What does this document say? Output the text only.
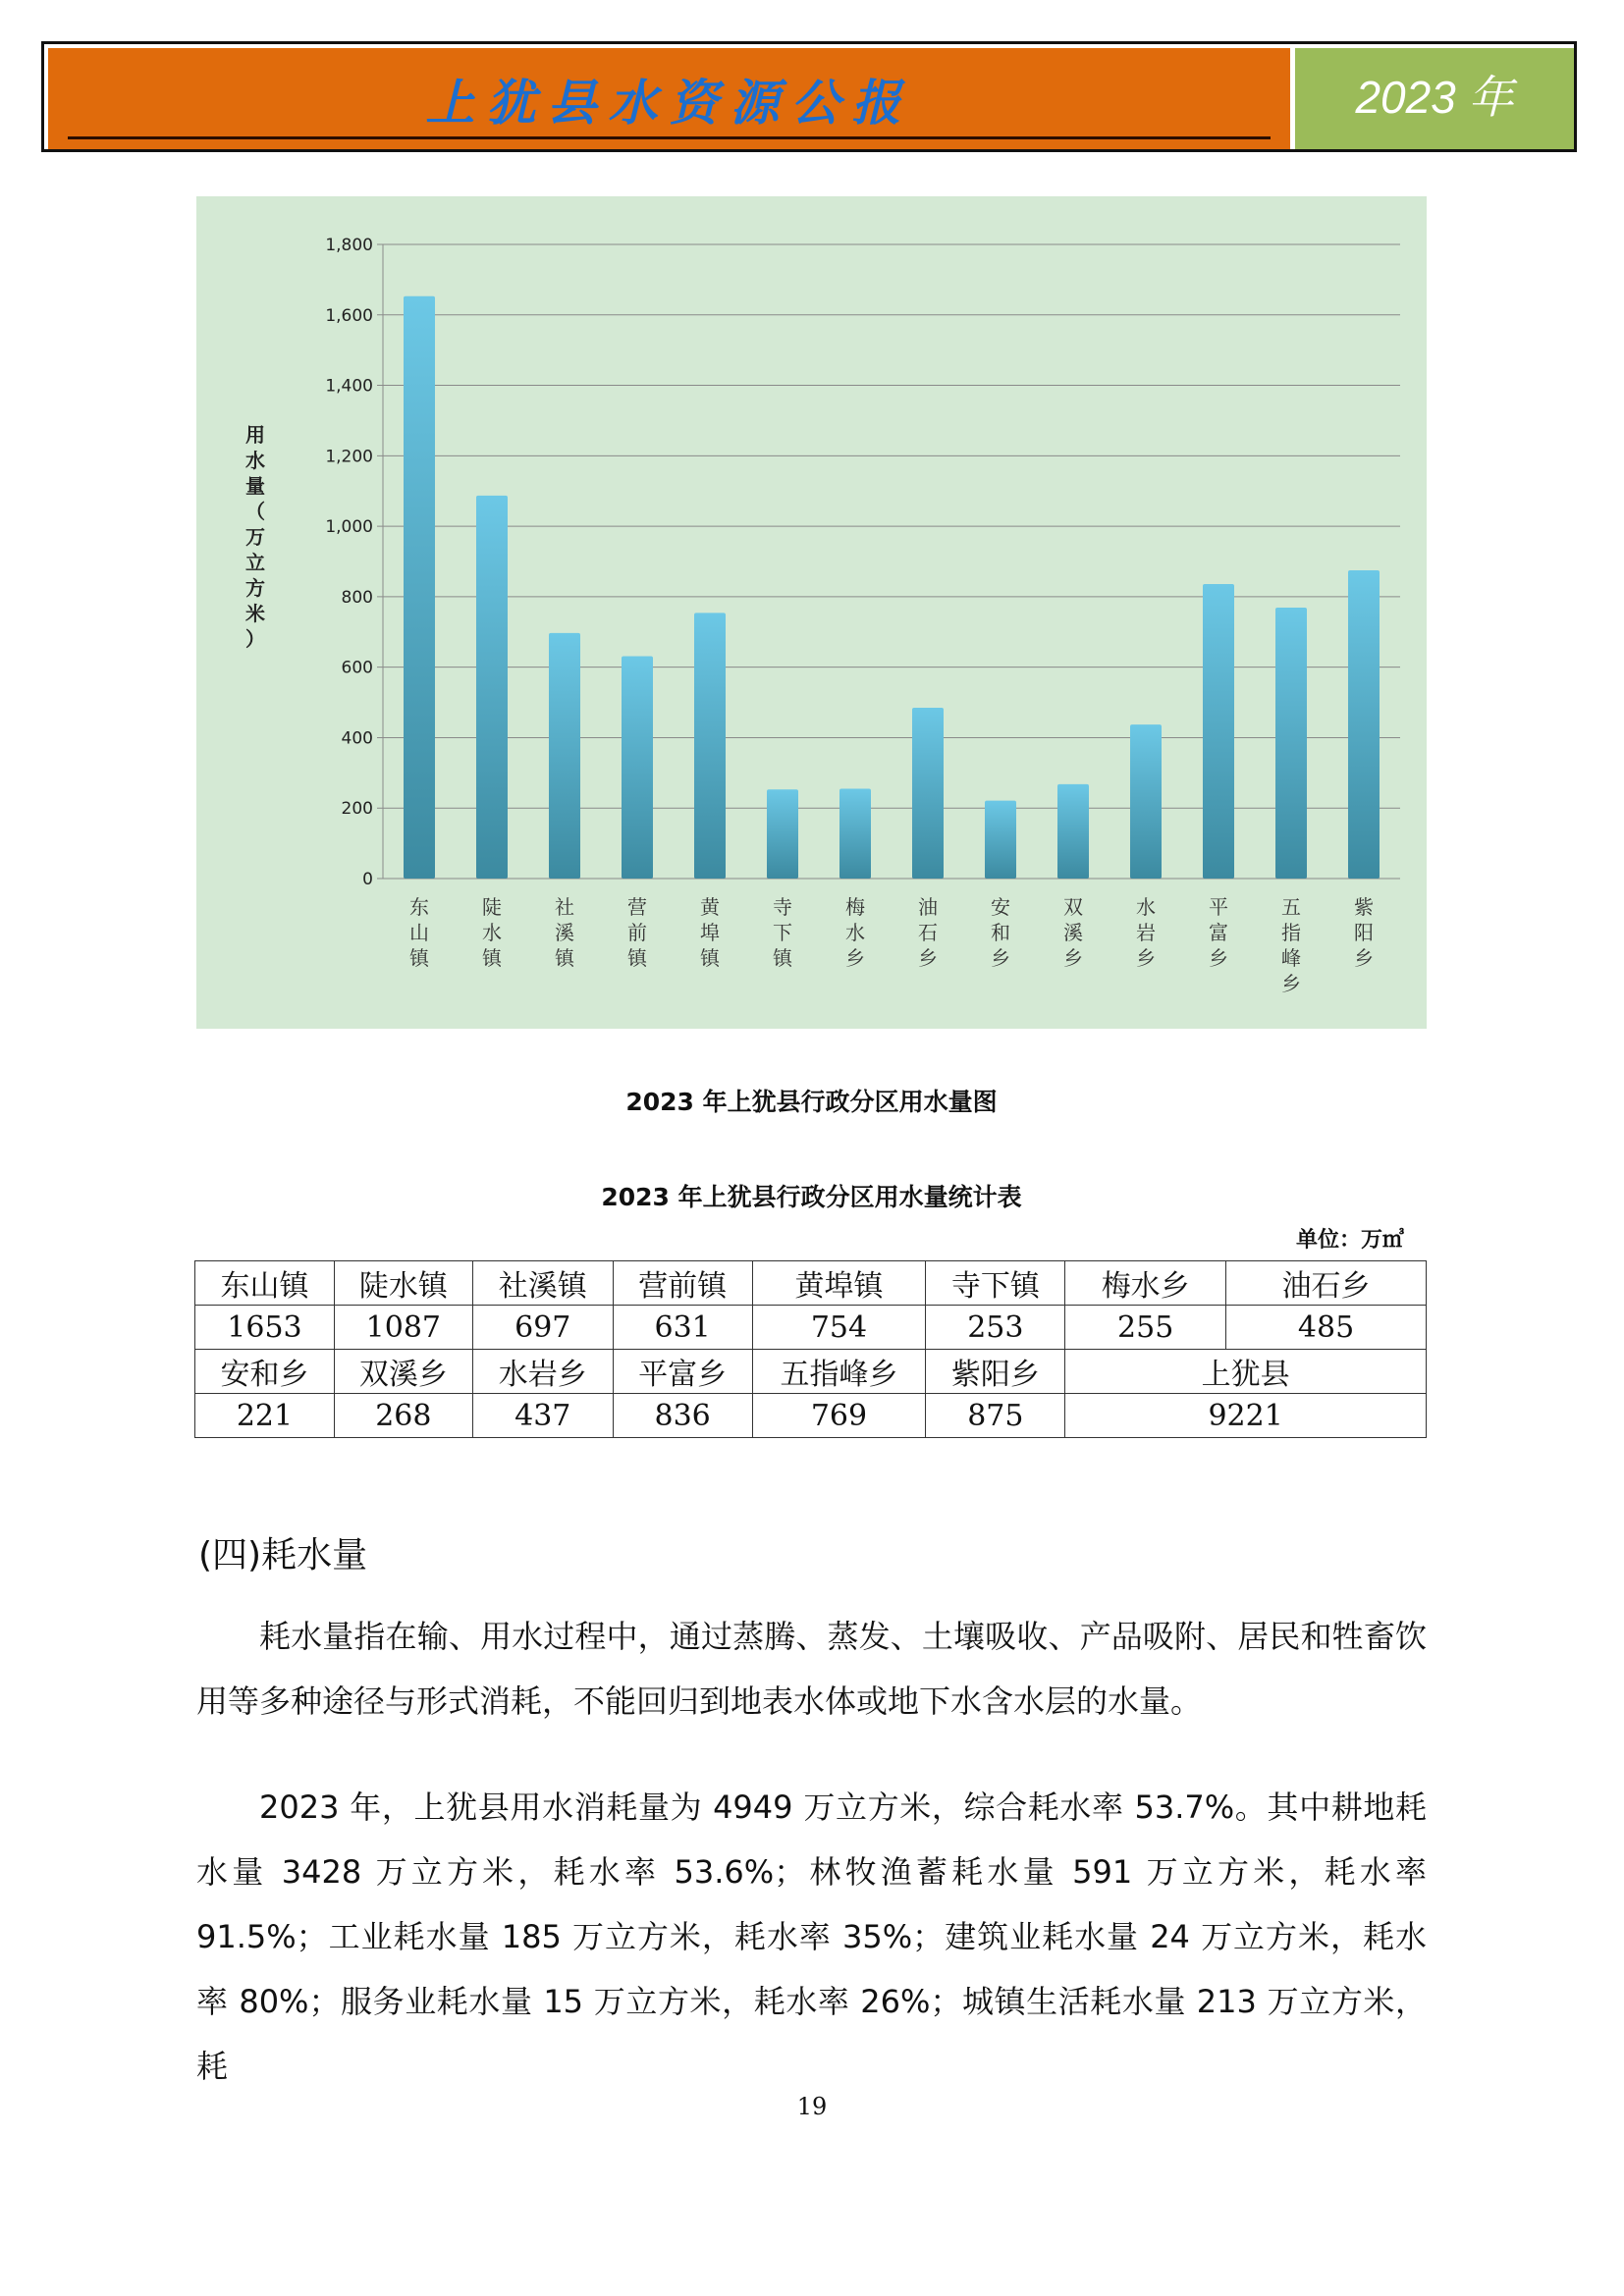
上犹县水资源公报	2023 年
0
200
400
600
800
1,000
1,200
1,400
1,600
1,800
东
山
镇
陡
水
镇
社
溪
镇
营
前
镇
黄
埠
镇
寺
下
镇
梅
水
乡
油
石
乡
安
和
乡
双
溪
乡
水
岩
乡
平
富
乡
五
指
峰
乡
紫
阳
乡
用
水
量
（
万
立
方
米
）
2023 年上犹县行政分区用水量图
2023 年上犹县行政分区用水量统计表
单位：万㎥
东山镇	陡水镇	社溪镇	营前镇	黄埠镇	寺下镇	梅水乡	油石乡
1653	1087	697	631	754	253	255	485
安和乡	双溪乡	水岩乡	平富乡	五指峰乡	紫阳乡	上犹县	
221	268	437	836	769	875	9221	
(四)耗水量
耗水量指在输、用水过程中，通过蒸腾、蒸发、土壤吸收、产品吸附、居民和牲畜饮用等多种途径与形式消耗，不能回归到地表水体或地下水含水层的水量。
2023 年，上犹县用水消耗量为 4949 万立方米，综合耗水率 53.7%。其中耕地耗水量 3428 万立方米，耗水率 53.6%；林牧渔蓄耗水量 591 万立方米，耗水率 91.5%；工业耗水量 185 万立方米，耗水率 35%；建筑业耗水量 24 万立方米，耗水率 80%；服务业耗水量 15 万立方米，耗水率 26%；城镇生活耗水量 213 万立方米，耗
19
